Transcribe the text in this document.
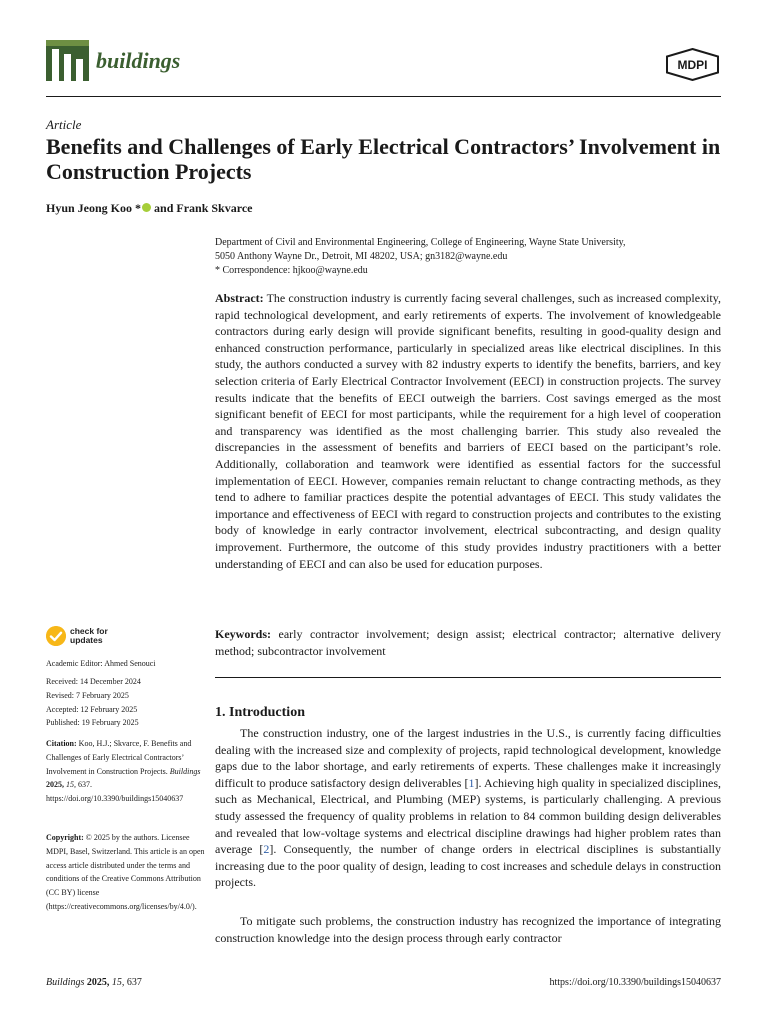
buildings	MDPI
Article
Benefits and Challenges of Early Electrical Contractors’ Involvement in Construction Projects
Hyun Jeong Koo * and Frank Skvarce
Department of Civil and Environmental Engineering, College of Engineering, Wayne State University,
5050 Anthony Wayne Dr., Detroit, MI 48202, USA; gn3182@wayne.edu
* Correspondence: hjkoo@wayne.edu
Abstract: The construction industry is currently facing several challenges, such as increased complexity, rapid technological development, and early retirements of experts. The involvement of knowledgeable contractors during early design will provide significant benefits, resulting in good-quality design and enhanced construction performance, particularly in specialized areas like electrical disciplines. In this study, the authors conducted a survey with 82 industry experts to identify the benefits, barriers, and key selection criteria of Early Electrical Contractor Involvement (EECI) in construction projects. The survey results indicate that the benefits of EECI outweigh the barriers. Cost savings emerged as the most significant benefit of EECI for most participants, while the requirement for a high level of cooperation and transparency was identified as the most challenging barrier. This study also revealed the discrepancies in the assessment of benefits and barriers of EECI based on the participant’s role. Additionally, collaboration and teamwork were identified as essential factors for the successful implementation of EECI. However, companies remain reluctant to change contracting methods, as they tend to adhere to familiar practices despite the potential advantages of EECI. This study validates the importance and effectiveness of EECI with regard to construction projects and contributes to the existing body of knowledge in early contractor involvement, electrical subcontracting, and design quality improvement. Furthermore, the outcome of this study provides industry practitioners with a better understanding of EECI and can also be used for education purposes.
Keywords: early contractor involvement; design assist; electrical contractor; alternative delivery method; subcontractor involvement
check for
updates
Academic Editor: Ahmed Senouci
Received: 14 December 2024
Revised: 7 February 2025
Accepted: 12 February 2025
Published: 19 February 2025
Citation: Koo, H.J.; Skvarce, F. Benefits and Challenges of Early Electrical Contractors’ Involvement in Construction Projects. Buildings 2025, 15, 637. https://doi.org/10.3390/buildings15040637
Copyright: © 2025 by the authors. Licensee MDPI, Basel, Switzerland. This article is an open access article distributed under the terms and conditions of the Creative Commons Attribution (CC BY) license (https://creativecommons.org/licenses/by/4.0/).
1. Introduction
The construction industry, one of the largest industries in the U.S., is currently facing difficulties dealing with the increased size and complexity of projects, rapid technological development, knowledge gaps due to the labor shortage, and early retirements of experts. These challenges make it increasingly difficult to produce satisfactory design deliverables [1]. Achieving high quality in specialized disciplines, such as Mechanical, Electrical, and Plumbing (MEP) systems, is particularly challenging. A previous study assessed the frequency of quality problems in relation to 84 common building design deliverables and revealed that low-voltage systems and electrical discipline drawings had higher problem rates than average [2]. Consequently, the number of change orders in electrical disciplines is substantially increasing due to the poor quality of design, leading to cost increases and schedule delays in construction projects.
To mitigate such problems, the construction industry has recognized the importance of integrating construction knowledge into the design process through early contractor
Buildings 2025, 15, 637	https://doi.org/10.3390/buildings15040637
